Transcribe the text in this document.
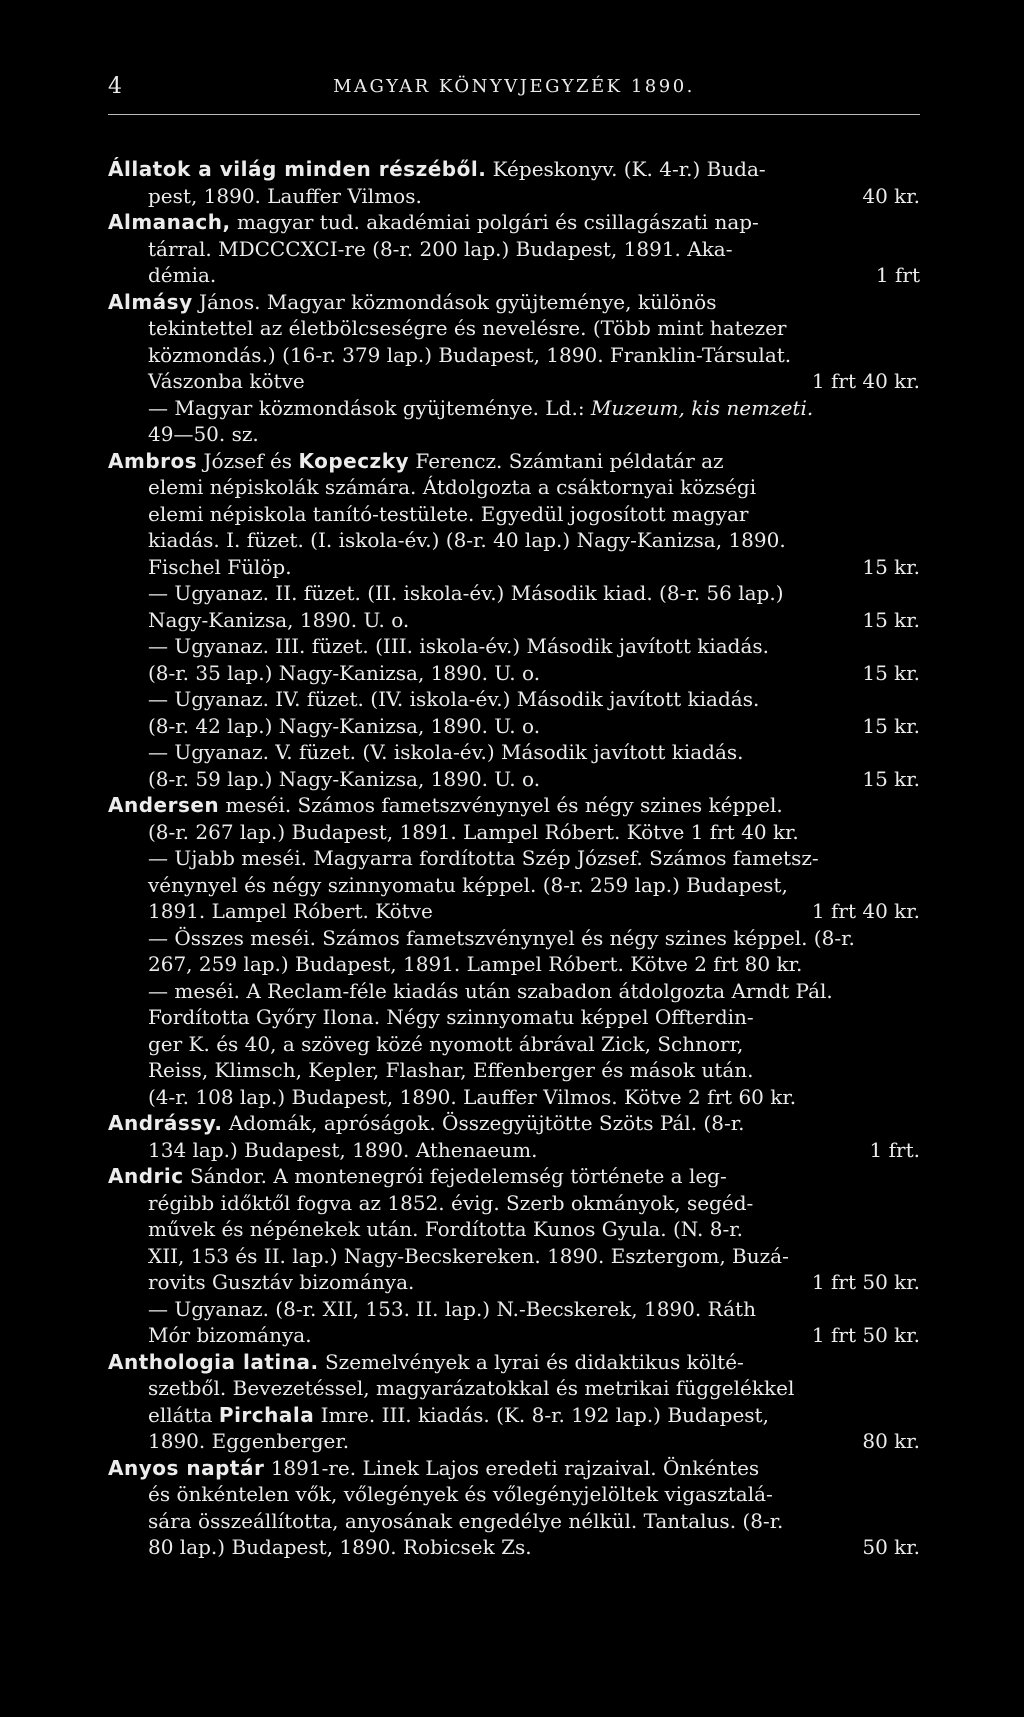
4	MAGYAR KÖNYVJEGYZÉK 1890.
Állatok a világ minden részéből. Képeskonyv. (K. 4-r.) Buda-
pest, 1890. Lauffer Vilmos.	40 kr.
Almanach, magyar tud. akadémiai polgári és csillagászati nap-
tárral. MDCCCXCI-re (8-r. 200 lap.) Budapest, 1891. Aka-
démia.	1 frt
Almásy János. Magyar közmondások gyüjteménye, különös
tekintettel az életbölcseségre és nevelésre. (Több mint hatezer
közmondás.) (16-r. 379 lap.) Budapest, 1890. Franklin-Társulat.
Vászonba kötve	1 frt 40 kr.
— Magyar közmondások gyüjteménye. Ld.: Muzeum, kis nemzeti.
49—50. sz.
Ambros József és Kopeczky Ferencz. Számtani példatár az
elemi népiskolák számára. Átdolgozta a csáktornyai községi
elemi népiskola tanító-testülete. Egyedül jogosított magyar
kiadás. I. füzet. (I. iskola-év.) (8-r. 40 lap.) Nagy-Kanizsa, 1890.
Fischel Fülöp.	15 kr.
— Ugyanaz. II. füzet. (II. iskola-év.) Második kiad. (8-r. 56 lap.)
Nagy-Kanizsa, 1890. U. o.	15 kr.
— Ugyanaz. III. füzet. (III. iskola-év.) Második javított kiadás.
(8-r. 35 lap.) Nagy-Kanizsa, 1890. U. o.	15 kr.
— Ugyanaz. IV. füzet. (IV. iskola-év.) Második javított kiadás.
(8-r. 42 lap.) Nagy-Kanizsa, 1890. U. o.	15 kr.
— Ugyanaz. V. füzet. (V. iskola-év.) Második javított kiadás.
(8-r. 59 lap.) Nagy-Kanizsa, 1890. U. o.	15 kr.
Andersen meséi. Számos fametszvénynyel és négy szines képpel.
(8-r. 267 lap.) Budapest, 1891. Lampel Róbert. Kötve 1 frt 40 kr.
— Ujabb meséi. Magyarra fordította Szép József. Számos fametsz-
vénynyel és négy szinnyomatu képpel. (8-r. 259 lap.) Budapest,
1891. Lampel Róbert. Kötve	1 frt 40 kr.
— Összes meséi. Számos fametszvénynyel és négy szines képpel. (8-r.
267, 259 lap.) Budapest, 1891. Lampel Róbert. Kötve 2 frt 80 kr.
— meséi. A Reclam-féle kiadás után szabadon átdolgozta Arndt Pál.
Fordította Győry Ilona. Négy szinnyomatu képpel Offterdin-
ger K. és 40, a szöveg közé nyomott ábrával Zick, Schnorr,
Reiss, Klimsch, Kepler, Flashar, Effenberger és mások után.
(4-r. 108 lap.) Budapest, 1890. Lauffer Vilmos. Kötve 2 frt 60 kr.
Andrássy. Adomák, apróságok. Összegyüjtötte Szöts Pál. (8-r.
134 lap.) Budapest, 1890. Athenaeum.	1 frt.
Andric Sándor. A montenegrói fejedelemség története a leg-
régibb időktől fogva az 1852. évig. Szerb okmányok, segéd-
művek és népénekek után. Fordította Kunos Gyula. (N. 8-r.
XII, 153 és II. lap.) Nagy-Becskereken. 1890. Esztergom, Buzá-
rovits Gusztáv bizománya.	1 frt 50 kr.
— Ugyanaz. (8-r. XII, 153. II. lap.) N.-Becskerek, 1890. Ráth
Mór bizománya.	1 frt 50 kr.
Anthologia latina. Szemelvények a lyrai és didaktikus költé-
szetből. Bevezetéssel, magyarázatokkal és metrikai függelékkel
ellátta Pirchala Imre. III. kiadás. (K. 8-r. 192 lap.) Budapest,
1890. Eggenberger.	80 kr.
Anyos naptár 1891-re. Linek Lajos eredeti rajzaival. Önkéntes
és önkéntelen vők, vőlegények és vőlegényjelöltek vigasztalá-
sára összeállította, anyosának engedélye nélkül. Tantalus. (8-r.
80 lap.) Budapest, 1890. Robicsek Zs.	50 kr.
